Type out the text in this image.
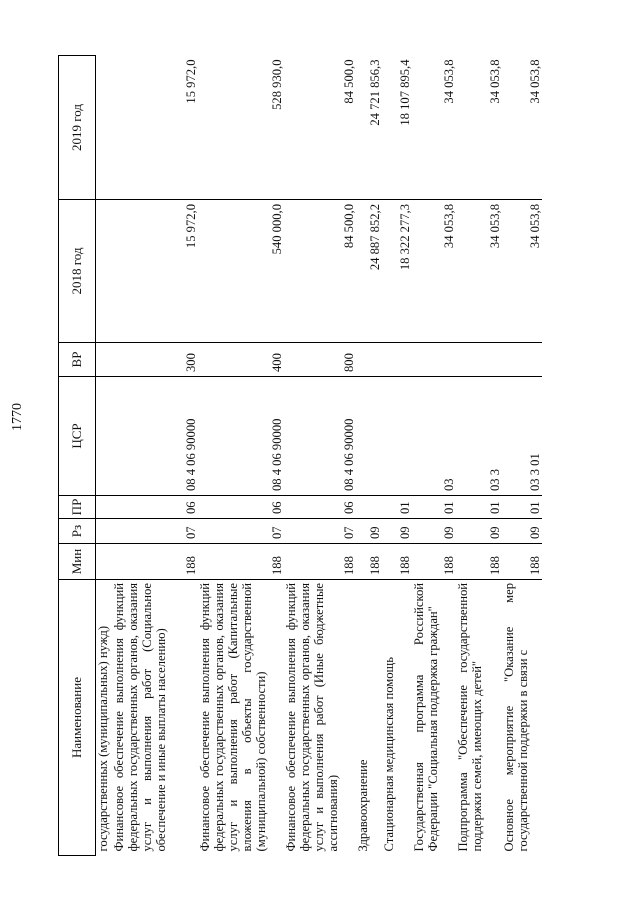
1770
Наименование	Мин	Рз	ПР	ЦСР	ВР	2018 год	2019 год
государственных (муниципальных) нужд)							
Финансовое обеспечение выполнения функций федеральных государственных органов, оказания услуг и выполнения работ (Социальное обеспечение и иные выплаты населению)	188	07	06	08 4 06 90000	300	15 972,0	15 972,0
Финансовое обеспечение выполнения функций федеральных государственных органов, оказания услуг и выполнения работ (Капитальные вложения в объекты государственной (муниципальной) собственности)	188	07	06	08 4 06 90000	400	540 000,0	528 930,0
Финансовое обеспечение выполнения функций федеральных государственных органов, оказания услуг и выполнения работ (Иные бюджетные ассигнования)	188	07	06	08 4 06 90000	800	84 500,0	84 500,0
Здравоохранение	188	09				24 887 852,2	24 721 856,3
Стационарная медицинская помощь	188	09	01			18 322 277,3	18 107 895,4
Государственная программа Российской Федерации "Социальная поддержка граждан"	188	09	01	03		34 053,8	34 053,8
Подпрограмма "Обеспечение государственной поддержки семей, имеющих детей"	188	09	01	03 3		34 053,8	34 053,8
Основное мероприятие "Оказание мер государственной поддержки в связи с	188	09	01	03 3 01		34 053,8	34 053,8
